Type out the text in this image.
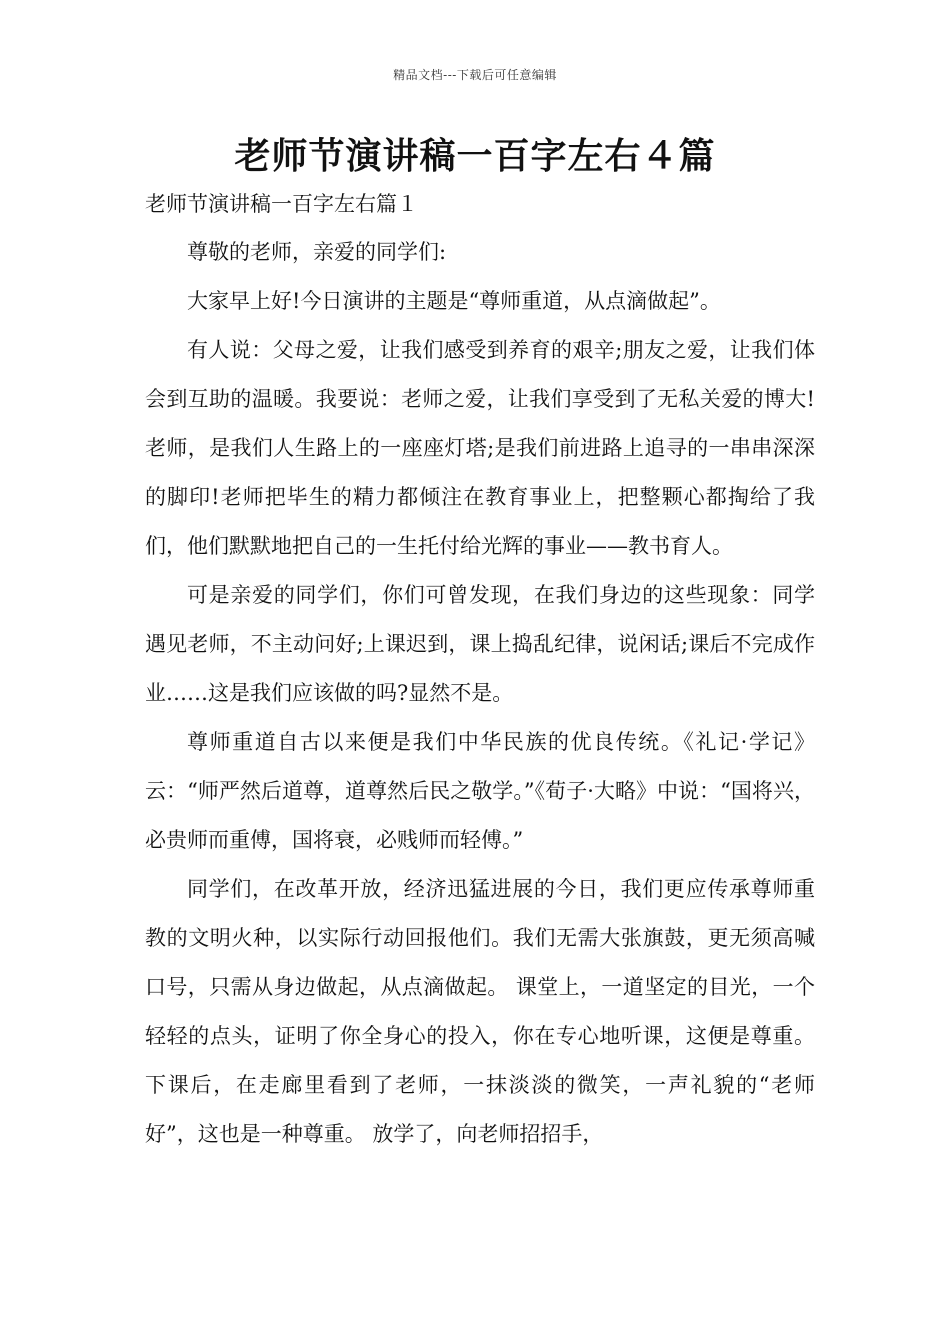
精品文档---下载后可任意编辑
老师节演讲稿一百字左右４篇
老师节演讲稿一百字左右篇１

尊敬的老师，亲爱的同学们:

大家早上好!今日演讲的主题是“尊师重道，从点滴做起”。

有人说：父母之爱，让我们感受到养育的艰辛;朋友之爱，让我们体会到互助的温暖。我要说：老师之爱，让我们享受到了无私关爱的博大!老师，是我们人生路上的一座座灯塔;是我们前进路上追寻的一串串深深的脚印!老师把毕生的精力都倾注在教育事业上，把整颗心都掏给了我们，他们默默地把自己的一生托付给光辉的事业——教书育人。

可是亲爱的同学们，你们可曾发现，在我们身边的这些现象：同学遇见老师，不主动问好;上课迟到，课上捣乱纪律，说闲话;课后不完成作业……这是我们应该做的吗?显然不是。

尊师重道自古以来便是我们中华民族的优良传统。《礼记·学记》云：“师严然后道尊，道尊然后民之敬学。”《荀子·大略》中说：“国将兴，必贵师而重傅，国将衰，必贱师而轻傅。”

同学们，在改革开放，经济迅猛进展的今日，我们更应传承尊师重教的文明火种，以实际行动回报他们。我们无需大张旗鼓，更无须高喊口号，只需从身边做起，从点滴做起。 课堂上，一道坚定的目光，一个轻轻的点头，证明了你全身心的投入，你在专心地听课，这便是尊重。 下课后，在走廊里看到了老师，一抹淡淡的微笑，一声礼貌的“老师好”，这也是一种尊重。 放学了，向老师招招手，
